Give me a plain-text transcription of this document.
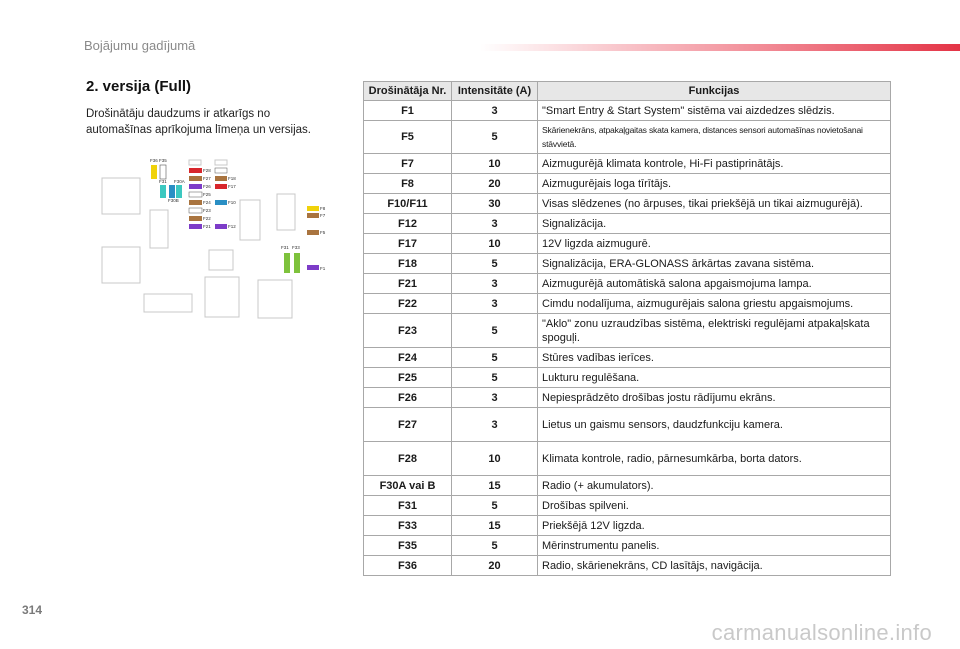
Bojājumu gadījumā
2. versija (Full)
Drošinātāju daudzums ir atkarīgs no automašīnas aprīkojuma līmeņa un versijas.
F36 F35
F31 F30A
F30B
F28
F27
F26
F25
F24
F23
F22
F21
F18
F17
F10
F12
F8
F7
F5
F1
F31 F33
Drošinātāja Nr.	Intensitāte (A)	Funkcijas
F1	3	"Smart Entry & Start System" sistēma vai aizdedzes slēdzis.
F5	5	Skārienekrāns, atpakaļgaitas skata kamera, distances sensori automašīnas novietošanai stāvvietā.
F7	10	Aizmugurējā klimata kontrole, Hi-Fi pastiprinātājs.
F8	20	Aizmugurējais loga tīrītājs.
F10/F11	30	Visas slēdzenes (no ārpuses, tikai priekšējā un tikai aizmugurējā).
F12	3	Signalizācija.
F17	10	12V ligzda aizmugurē.
F18	5	Signalizācija, ERA-GLONASS ārkārtas zavana sistēma.
F21	3	Aizmugurējā automātiskā salona apgaismojuma lampa.
F22	3	Cimdu nodalījuma, aizmugurējais salona griestu apgaismojums.
F23	5	"Aklo" zonu uzraudzības sistēma, elektriski regulējami atpakaļskata spoguļi.
F24	5	Stūres vadības ierīces.
F25	5	Lukturu regulēšana.
F26	3	Nepiesprādzēto drošības jostu rādījumu ekrāns.
F27	3	Lietus un gaismu sensors, daudzfunkciju kamera.
F28	10	Klimata kontrole, radio, pārnesumkārba, borta dators.
F30A vai B	15	Radio (+ akumulators).
F31	5	Drošības spilveni.
F33	15	Priekšējā 12V ligzda.
F35	5	Mērinstrumentu panelis.
F36	20	Radio, skārienekrāns, CD lasītājs, navigācija.
314
carmanualsonline.info
